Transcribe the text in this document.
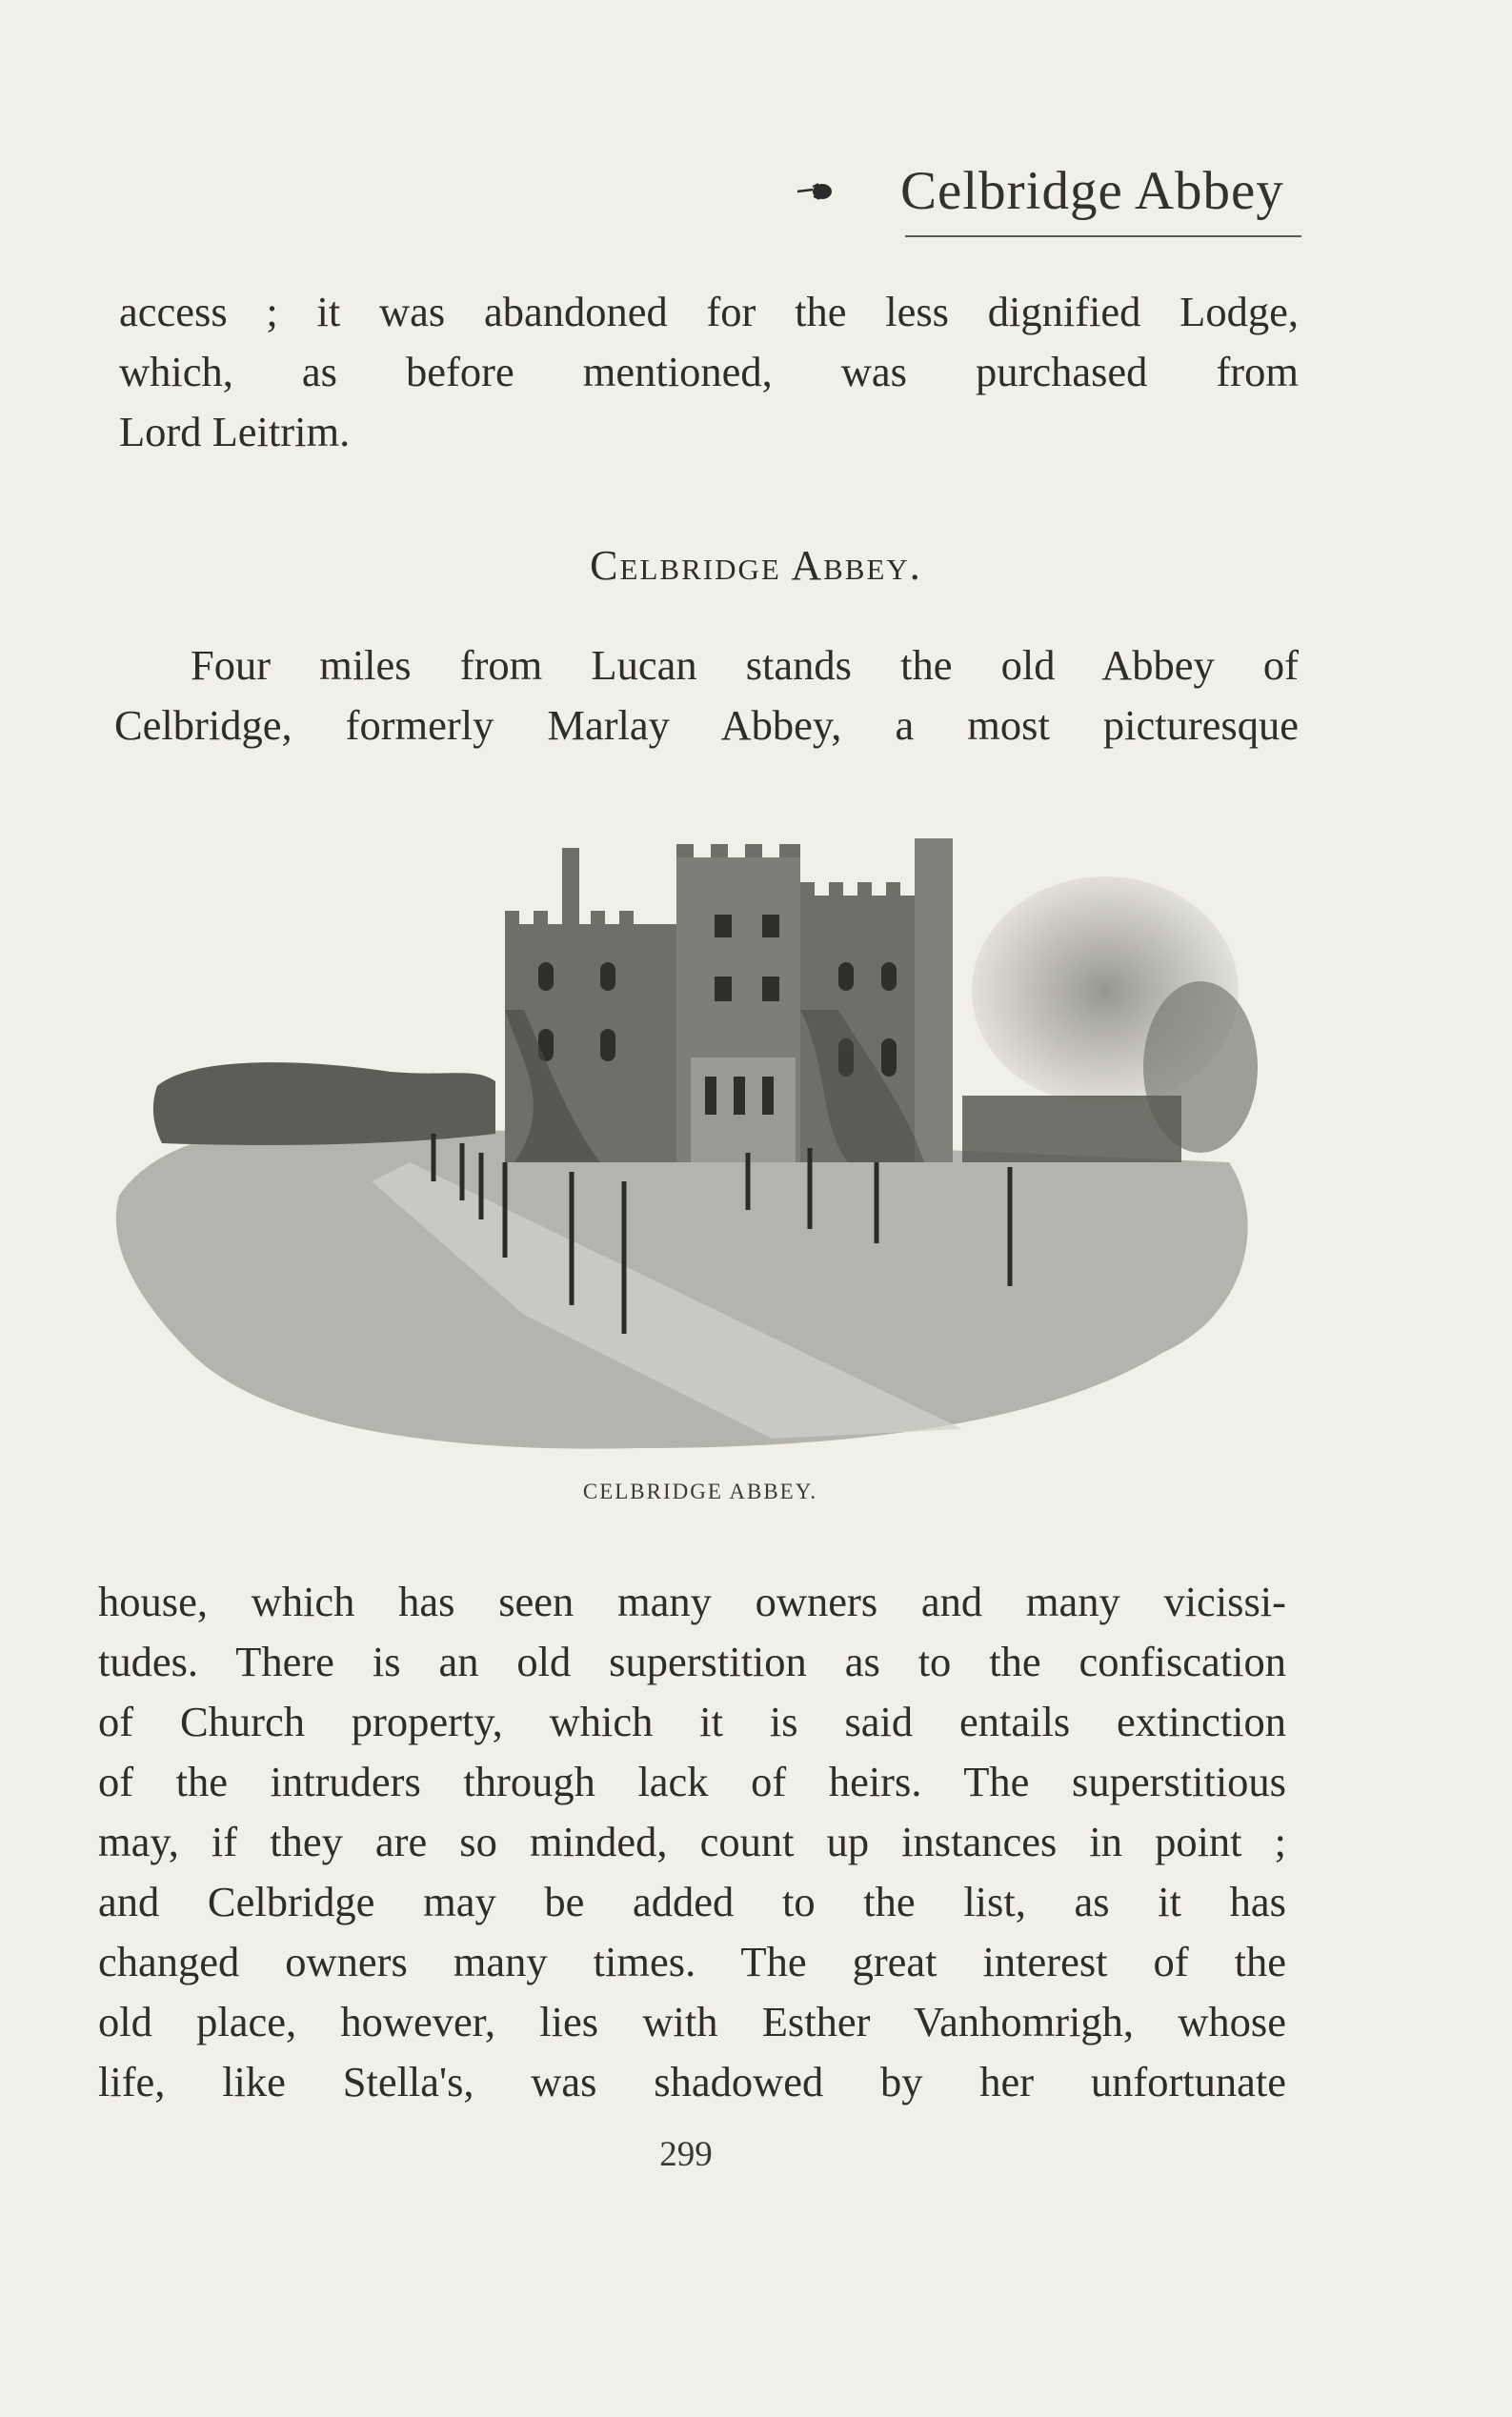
Celbridge Abbey
access ; it was abandoned for the less dignified Lodge,
which, as before mentioned, was purchased from
Lord Leitrim.
Celbridge Abbey.
Four miles from Lucan stands the old Abbey of
Celbridge, formerly Marlay Abbey, a most picturesque
CELBRIDGE ABBEY.
house, which has seen many owners and many vicissi-
tudes. There is an old superstition as to the confiscation
of Church property, which it is said entails extinction
of the intruders through lack of heirs. The superstitious
may, if they are so minded, count up instances in point ;
and Celbridge may be added to the list, as it has
changed owners many times. The great interest of the
old place, however, lies with Esther Vanhomrigh, whose
life, like Stella's, was shadowed by her unfortunate
299
